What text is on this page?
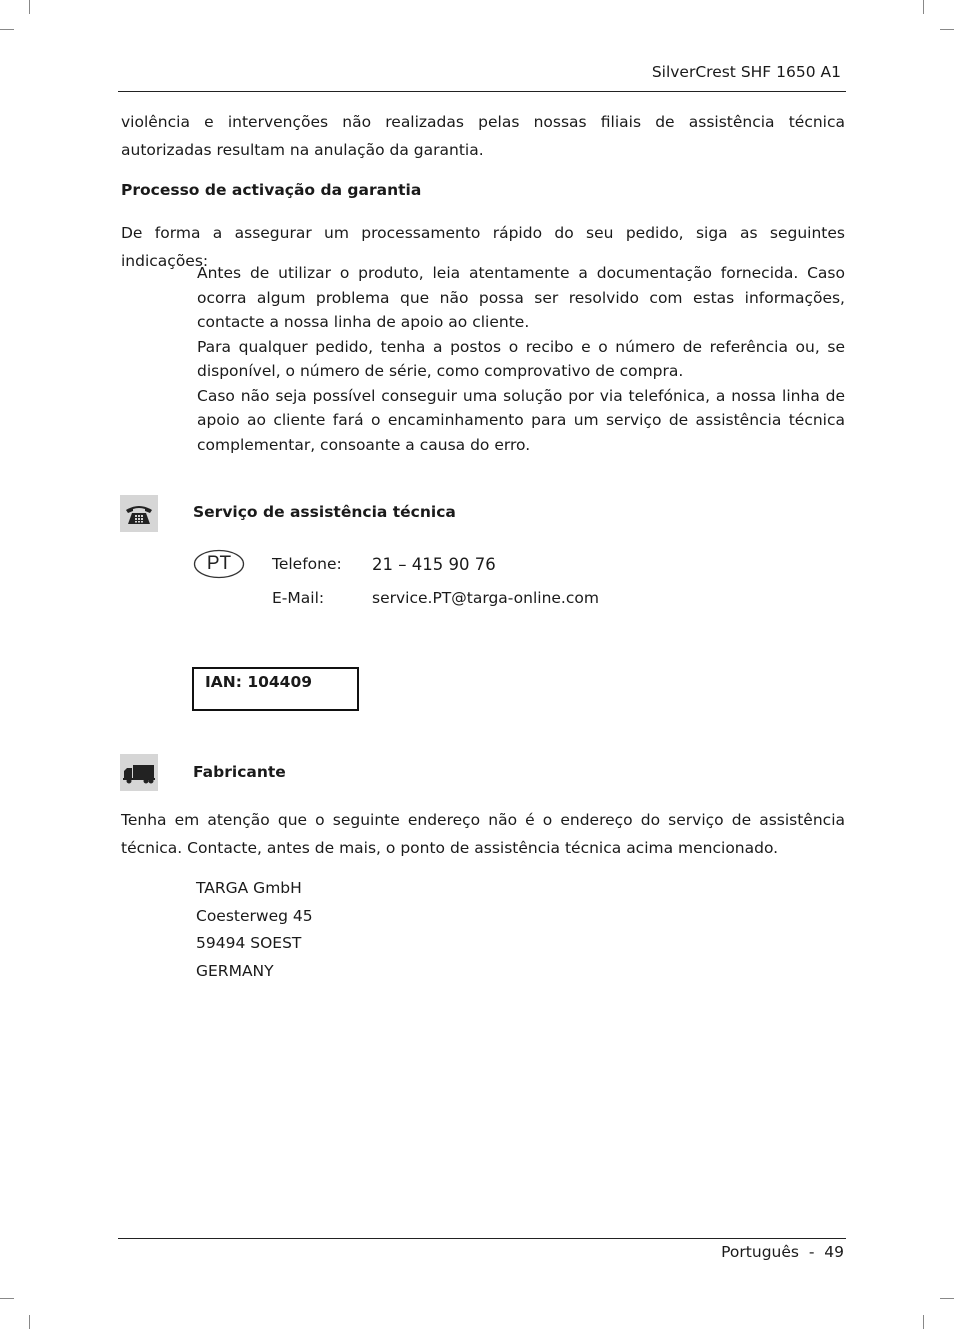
SilverCrest SHF 1650 A1
violência e intervenções não realizadas pelas nossas filiais de assistência técnica autorizadas resultam na anulação da garantia.
Processo de activação da garantia
De forma a assegurar um processamento rápido do seu pedido, siga as seguintes indicações:

Antes de utilizar o produto, leia atentamente a documentação fornecida. Caso ocorra algum problema que não possa ser resolvido com estas informações, contacte a nossa linha de apoio ao cliente.

Para qualquer pedido, tenha a postos o recibo e o número de referência ou, se disponível, o número de série, como comprovativo de compra.

Caso não seja possível conseguir uma solução por via telefónica, a nossa linha de apoio ao cliente fará o encaminhamento para um serviço de assistência técnica complementar, consoante a causa do erro.

Serviço de assistência técnica
PT	Telefone: 21 – 415 90 76
E-Mail:	service.PT@targa-online.com
IAN: 104409
Fabricante
Tenha em atenção que o seguinte endereço não é o endereço do serviço de assistência técnica. Contacte, antes de mais, o ponto de assistência técnica acima mencionado.
TARGA GmbH
Coesterweg 45
59494 SOEST
GERMANY
Português  -  49
